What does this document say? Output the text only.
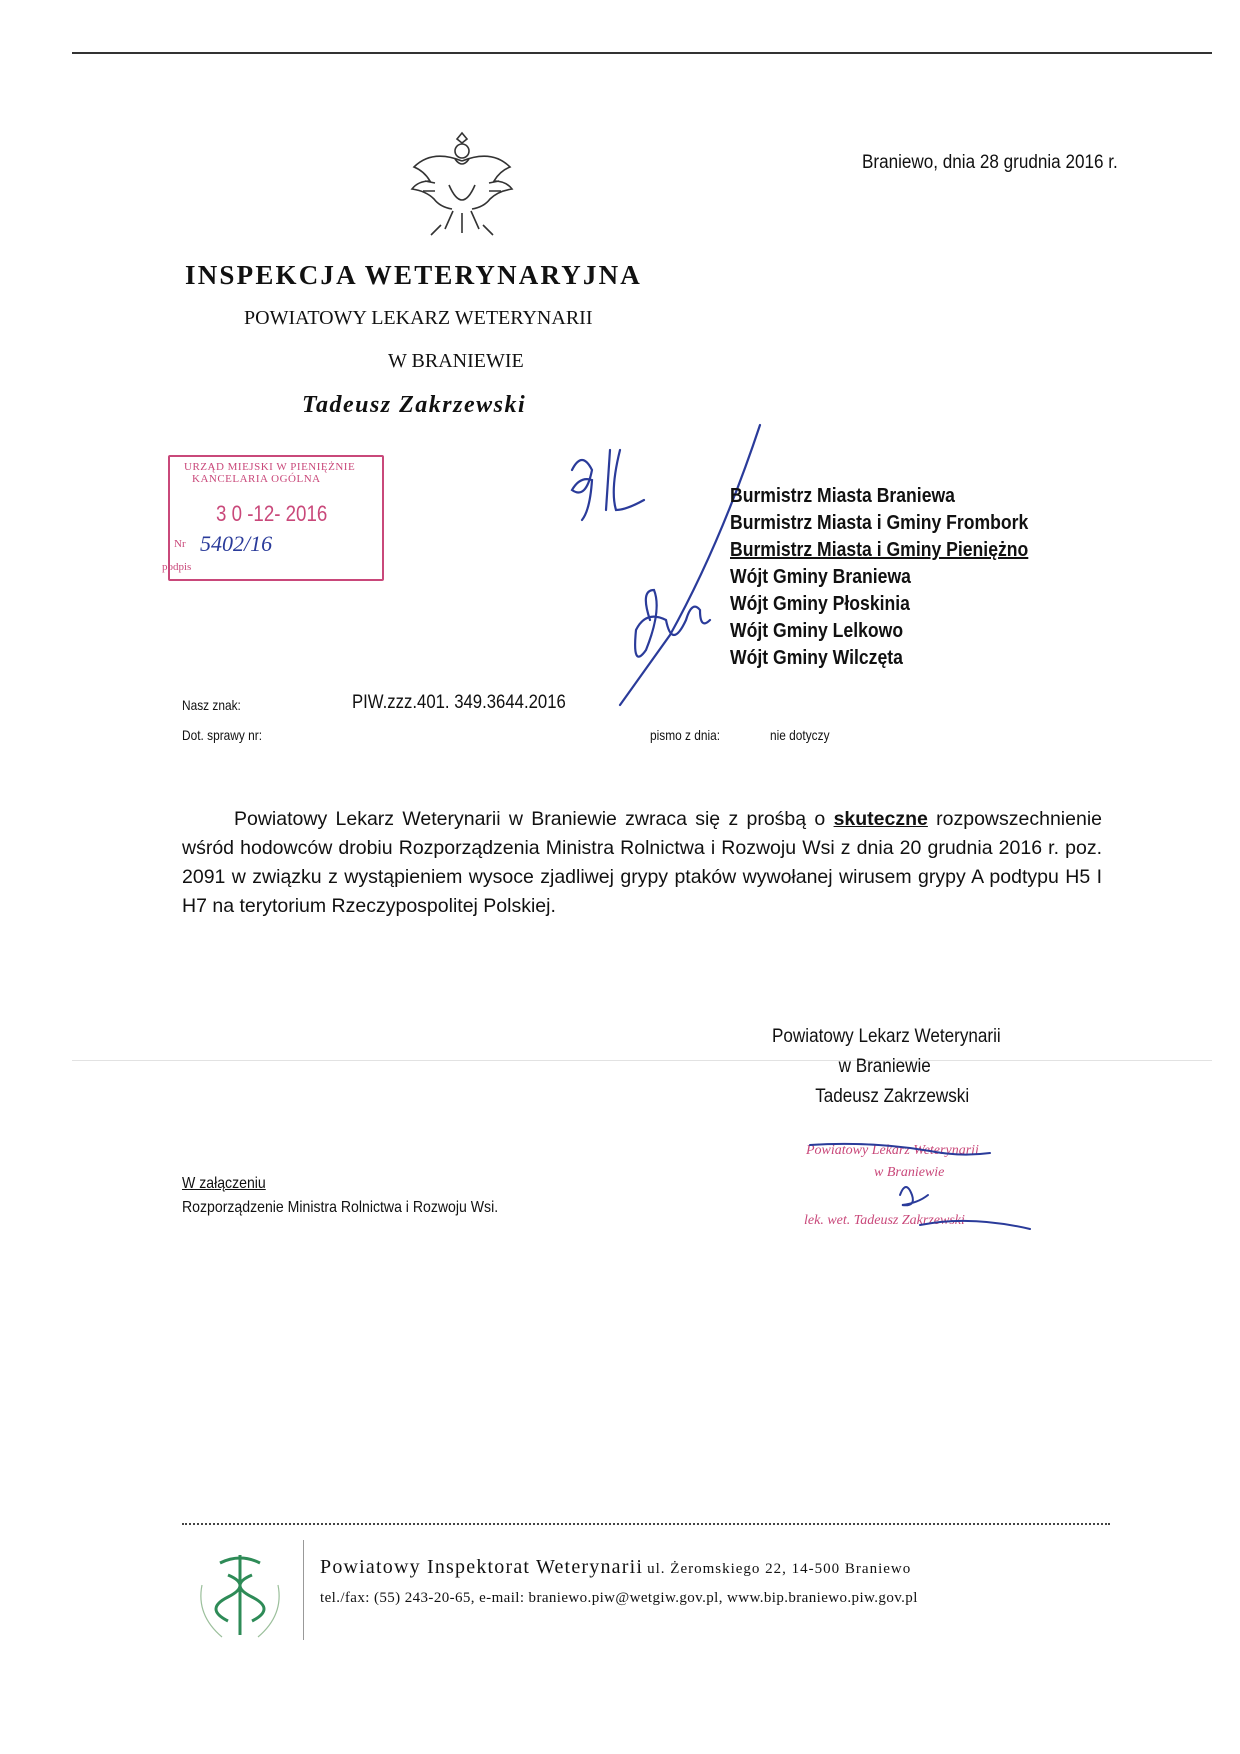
Braniewo, dnia 28 grudnia 2016 r.
INSPEKCJA WETERYNARYJNA
POWIATOWY LEKARZ WETERYNARII
W BRANIEWIE
Tadeusz Zakrzewski
URZĄD MIEJSKI W PIENIĘŻNIE
KANCELARIA OGÓLNA
3 0 -12- 2016
Nr 5402/16
podpis
Burmistrz Miasta Braniewa
Burmistrz Miasta i Gminy Frombork
Burmistrz Miasta i Gminy Pieniężno
Wójt Gminy Braniewa
Wójt Gminy Płoskinia
Wójt Gminy Lelkowo
Wójt Gminy Wilczęta
Nasz znak:	PIW.zzz.401. 349.3644.2016
Dot. sprawy nr:	pismo z dnia:	nie dotyczy

Powiatowy Lekarz Weterynarii w Braniewie zwraca się z prośbą o skuteczne rozpowszechnienie wśród hodowców drobiu Rozporządzenia Ministra Rolnictwa i Rozwoju Wsi z dnia 20 grudnia 2016 r. poz. 2091 w związku z wystąpieniem wysoce zjadliwej grypy ptaków wywołanej wirusem grypy A podtypu H5 I H7 na terytorium Rzeczypospolitej Polskiej.

Powiatowy Lekarz Weterynarii
w Braniewie
Tadeusz Zakrzewski
Powiatowy Lekarz Weterynarii
w Braniewie
lek. wet. Tadeusz Zakrzewski
W załączeniu
Rozporządzenie Ministra Rolnictwa i Rozwoju Wsi.
Powiatowy Inspektorat Weterynarii ul. Żeromskiego 22, 14-500 Braniewo
tel./fax: (55) 243-20-65, e-mail: braniewo.piw@wetgiw.gov.pl, www.bip.braniewo.piw.gov.pl
